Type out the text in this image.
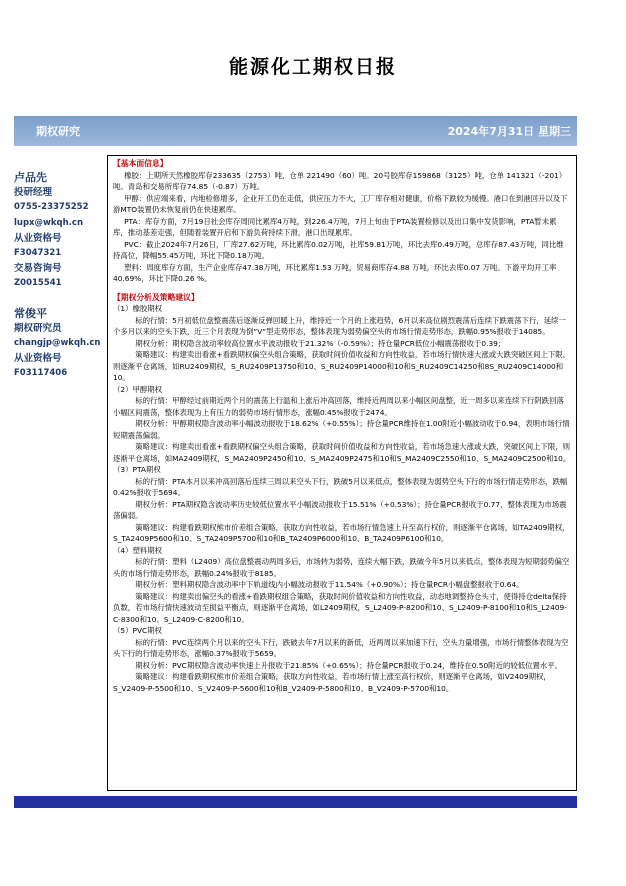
能源化工期权日报
期权研究	2024年7月31日 星期三
卢品先
投研经理
0755-23375252
lupx@wkqh.cn
从业资格号
F3047321
交易咨询号
Z0015541
常俊平
期权研究员
changjp@wkqh.cn
从业资格号
F03117406
【基本面信息】

橡胶：上期所天然橡胶库存233635（2753）吨，仓单 221490（60）吨。20号胶库存159868（3125）吨，仓单 141321（-201）吨。青岛和交易所库存74.85（-0.87）万吨。

甲醇：供应端来看，内地检修增多，企业开工仍在走低，供应压力不大，工厂库存相对健康，价格下跌较为缓慢。港口在到港回升以及下游MTO装置仍未恢复前仍在快速累库。

PTA：库存方面，7月19日社会库存周同比累库4万吨，到226.4万吨，7月上旬由于PTA装置检修以及出口集中发货影响，PTA暂未累库，推动基差走强，但随着装置开启和下游负荷持续下滑，港口出现累库。

PVC：截止2024年7月26日，厂库27.62万吨，环比累库0.02万吨，社库59.81万吨，环比去库0.49万吨，总库存87.43万吨，同比维持高位，降幅55.45万吨，环比下降0.18万吨。

塑料：周度库存方面，生产企业库存47.38万吨，环比累库1.53 万吨，贸易商库存4.88 万吨，环比去库0.07 万吨。下游平均开工率40.69%，环比下降0.26 %。

【期权分析及策略建议】

（1）橡胶期权

标的行情：5月初低位盘整震荡后逐渐反弹回暖上升，维持近一个月的上涨趋势，6月以来高位剧烈震荡后连续下跌震荡下行，延续一个多月以来的空头下跌，近三个月表现为倒”V“型走势形态，整体表现为弱势偏空头的市场行情走势形态，跌幅0.95%报收于14085。

期权分析：期权隐含波动率较高位置水平波动报收于21.32%（-0.59%）；持仓量PCR低位小幅震荡报收于0.39；

策略建议：构建卖出看涨+看跌期权偏空头组合策略，获取时间价值收益和方向性收益，若市场行情快速大涨或大跌突破区间上下限，则逐渐平仓离场，如RU2409期权，S_RU2409P13750和10、S_RU2409P14000和10和S_RU2409C14250和8S_RU2409C14000和10。

（2）甲醇期权

标的行情：甲醇经过前期近两个月的震荡上行温和上涨后冲高回落，维持近两周以来小幅区间盘整，近一周多以来连续下行阴跌回落小幅区间震荡，整体表现为上有压力的弱势市场行情形态，涨幅0.45%报收于2474。

期权分析：甲醇期权隐含波动率小幅波动报收于18.62%（+0.55%）；持仓量PCR维持在1.00附近小幅波动收于0.94，表明市场行情短期震荡偏弱。

策略建议：构建卖出看涨+看跌期权偏空头组合策略，获取时间价值收益和方向性收益，若市场急速大涨或大跌，突破区间上下限，则逐渐平仓离场，如MA2409期权，S_MA2409P2450和10、S_MA2409P2475和10和S_MA2409C2550和10、S_MA2409C2500和10。

（3）PTA期权

标的行情：PTA本月以来冲高回落后连续三周以来空头下行，跌破5月以来低点，整体表现为弱势空头下行的市场行情走势形态，跌幅0.42%报收于5694。

期权分析：PTA期权隐含波动率历史较低位置水平小幅波动报收于15.51%（+0.53%）；持仓量PCR报收于0.77，整体表现为市场震荡偏弱。

策略建议：构建看跌期权熊市价差组合策略，获取方向性收益，若市场行情急速上升至高行权价，则逐渐平仓离场，如TA2409期权，S_TA2409P5600和10、S_TA2409P5700和10和B_TA2409P6000和10、B_TA2409P6100和10。

（4）塑料期权

标的行情：塑料（L2409）高位盘整震动两周多后，市场转为弱势，连续大幅下跌，跌破今年5月以来低点，整体表现为短期弱势偏空头的市场行情走势形态，跌幅0.24%报收于8185。

期权分析：塑料期权隐含波动率中下轨道线内小幅波动报收于11.54%（+0.90%）；持仓量PCR小幅盘整报收于0.64。

策略建议：构建卖出偏空头的看涨+看跌期权组合策略，获取时间价值收益和方向性收益，动态地调整持仓头寸，使得持仓delta保持负数，若市场行情快速波动至损益平衡点，则逐渐平仓离场，如L2409期权，S_L2409-P-8200和10、S_L2409-P-8100和10和S_L2409-C-8300和10、S_L2409-C-8200和10。

（5）PVC期权

标的行情：PVC连续两个月以来的空头下行，跌破去年7月以来的新低，近两周以来加速下行，空头力量增强，市场行情整体表现为空头下行的行情走势形态，涨幅0.37%报收于5659。

期权分析：PVC期权隐含波动率快速上升报收于21.85%（+0.65%）；持仓量PCR报收于0.24，维持在0.50附近的较低位置水平。

策略建议：构建看跌期权熊市价差组合策略，获取方向性收益，若市场行情上涨至高行权价，则逐渐平仓离场，如V2409期权，S_V2409-P-5500和10、S_V2409-P-5600和10和B_V2409-P-5800和10、B_V2409-P-5700和10。
